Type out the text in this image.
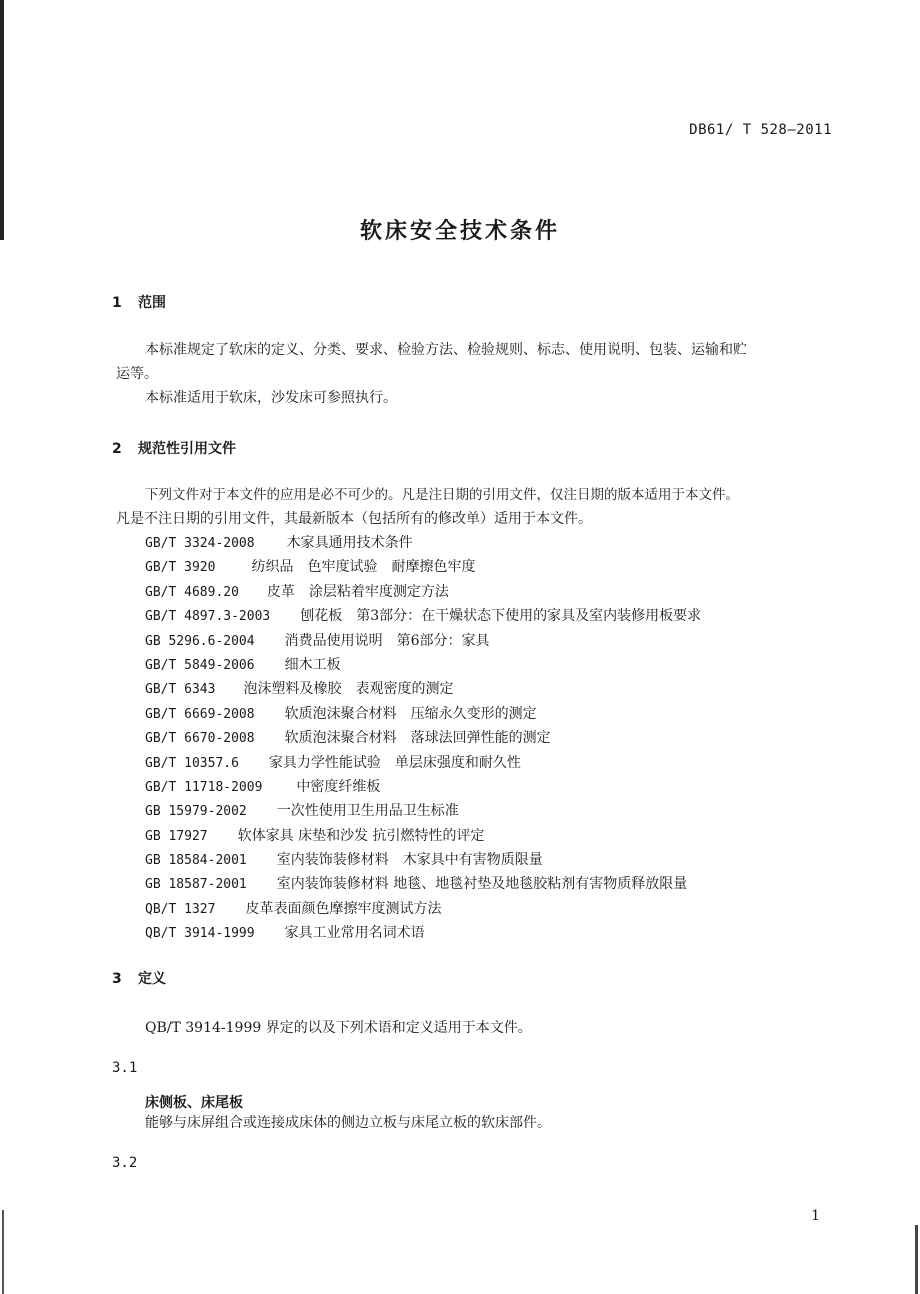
DB61/ T 528—2011
软床安全技术条件
1 范围
本标准规定了软床的定义、分类、要求、检验方法、检验规则、标志、使用说明、包装、运输和贮
运等。
本标准适用于软床，沙发床可参照执行。
2 规范性引用文件
下列文件对于本文件的应用是必不可少的。凡是注日期的引用文件，仅注日期的版本适用于本文件。
凡是不注日期的引用文件，其最新版本（包括所有的修改单）适用于本文件。
GB/T 3324-2008 木家具通用技术条件
GB/T 3920	纺织品　色牢度试验　耐摩擦色牢度
GB/T 4689.20 皮革　涂层粘着牢度测定方法
GB/T 4897.3-2003 刨花板　第3部分：在干燥状态下使用的家具及室内装修用板要求
GB 5296.6-2004 消费品使用说明　第6部分：家具
GB/T 5849-2006 细木工板
GB/T 6343 泡沫塑料及橡胶　表观密度的测定
GB/T 6669-2008 软质泡沫聚合材料　压缩永久变形的测定
GB/T 6670-2008 软质泡沫聚合材料　落球法回弹性能的测定
GB/T 10357.6 家具力学性能试验　单层床强度和耐久性
GB/T 11718-2009 中密度纤维板
GB 15979-2002 一次性使用卫生用品卫生标准
GB 17927 软体家具 床垫和沙发 抗引燃特性的评定
GB 18584-2001 室内装饰装修材料　木家具中有害物质限量
GB 18587-2001 室内装饰装修材料 地毯、地毯衬垫及地毯胶粘剂有害物质释放限量
QB/T 1327 皮革表面颜色摩擦牢度测试方法
QB/T 3914-1999 家具工业常用名词术语
3 定义
QB/T 3914-1999 界定的以及下列术语和定义适用于本文件。
3.1
床侧板、床尾板
能够与床屏组合或连接成床体的侧边立板与床尾立板的软床部件。
3.2
1
